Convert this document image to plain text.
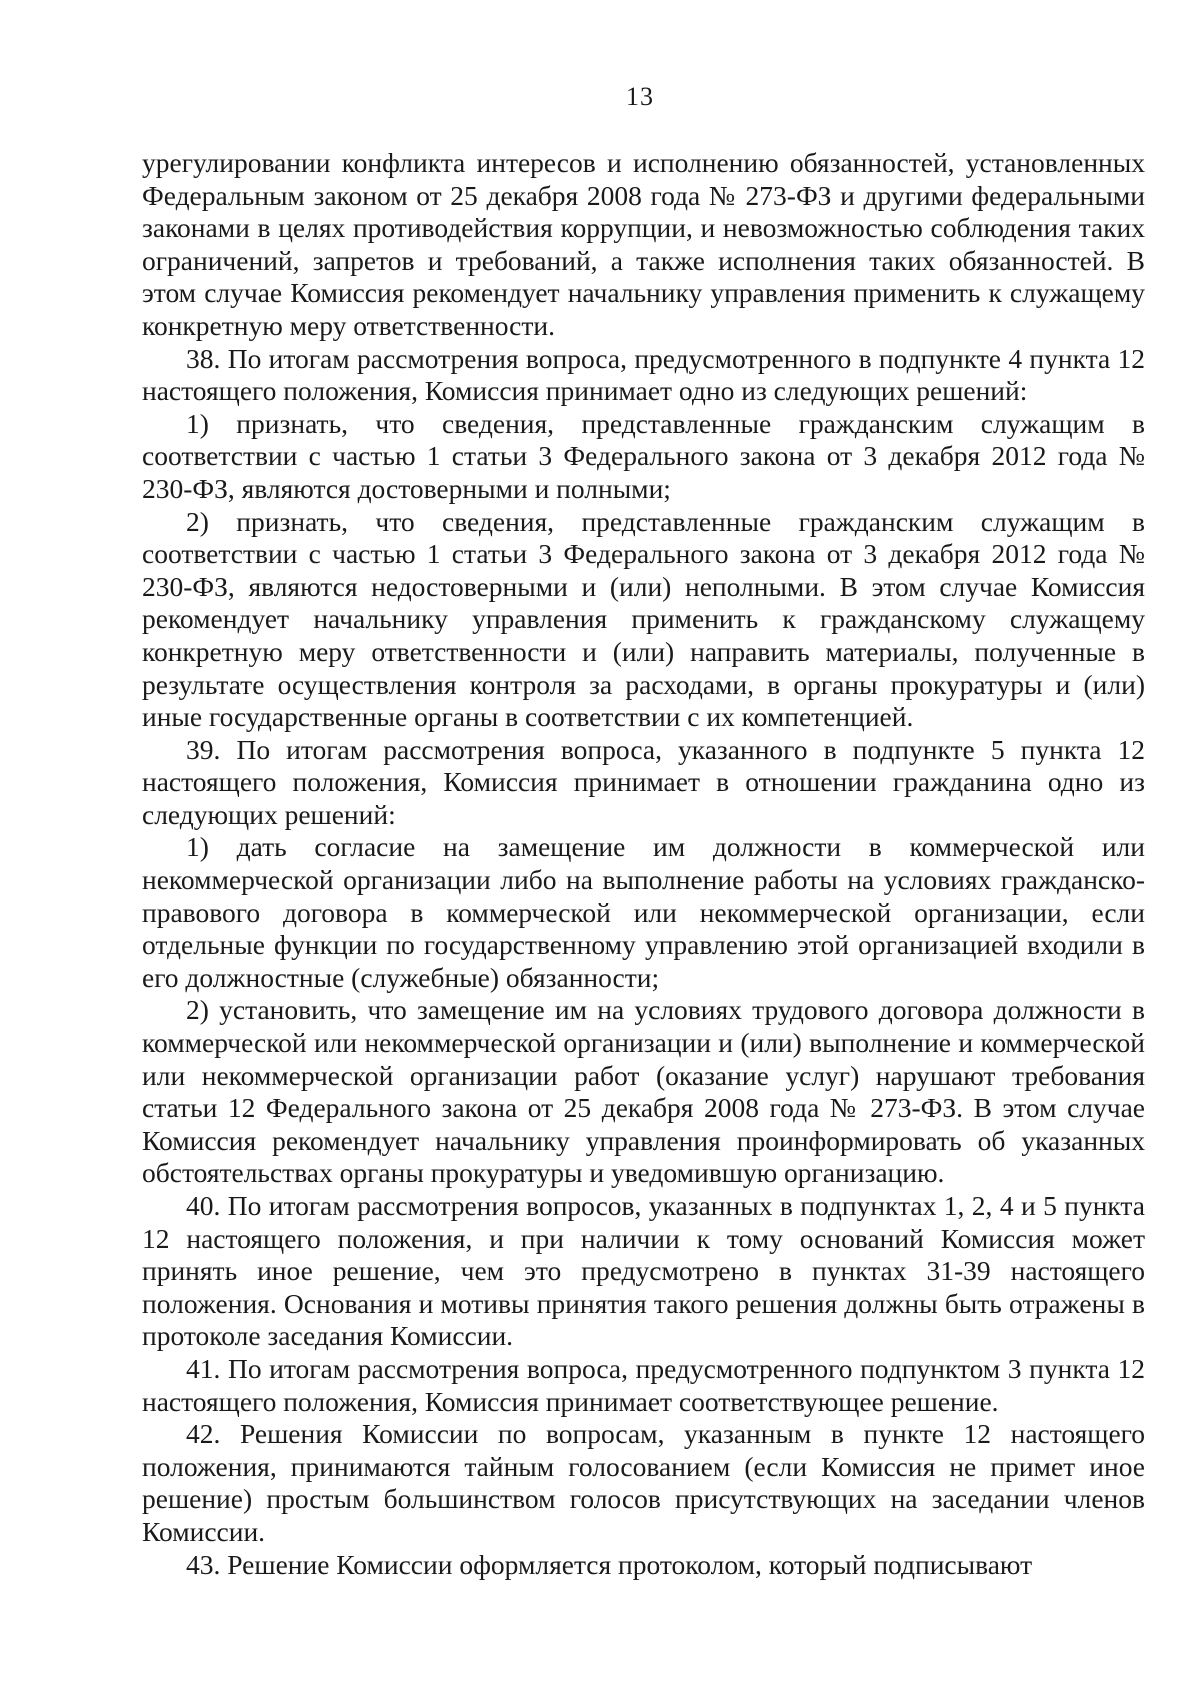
13

урегулировании конфликта интересов и исполнению обязанностей, установленных Федеральным законом от 25 декабря 2008 года № 273-ФЗ и другими федеральными законами в целях противодействия коррупции, и невозможностью соблюдения таких ограничений, запретов и требований, а также исполнения таких обязанностей. В этом случае Комиссия рекомендует начальнику управления применить к служащему конкретную меру ответственности.

38. По итогам рассмотрения вопроса, предусмотренного в подпункте 4 пункта 12 настоящего положения, Комиссия принимает одно из следующих решений:

1) признать, что сведения, представленные гражданским служащим в соответствии с частью 1 статьи 3 Федерального закона от 3 декабря 2012 года № 230-ФЗ, являются достоверными и полными;

2) признать, что сведения, представленные гражданским служащим в соответствии с частью 1 статьи 3 Федерального закона от 3 декабря 2012 года № 230-ФЗ, являются недостоверными и (или) неполными. В этом случае Комиссия рекомендует начальнику управления применить к гражданскому служащему конкретную меру ответственности и (или) направить материалы, полученные в результате осуществления контроля за расходами, в органы прокуратуры и (или) иные государственные органы в соответствии с их компетенцией.

39. По итогам рассмотрения вопроса, указанного в подпункте 5 пункта 12 настоящего положения, Комиссия принимает в отношении гражданина одно из следующих решений:

1) дать согласие на замещение им должности в коммерческой или некоммерческой организации либо на выполнение работы на условиях гражданско-правового договора в коммерческой или некоммерческой организации, если отдельные функции по государственному управлению этой организацией входили в его должностные (служебные) обязанности;

2) установить, что замещение им на условиях трудового договора должности в коммерческой или некоммерческой организации и (или) выполнение и коммерческой или некоммерческой организации работ (оказание услуг) нарушают требования статьи 12 Федерального закона от 25 декабря 2008 года № 273-ФЗ. В этом случае Комиссия рекомендует начальнику управления проинформировать об указанных обстоятельствах органы прокуратуры и уведомившую организацию.

40. По итогам рассмотрения вопросов, указанных в подпунктах 1, 2, 4 и 5 пункта 12 настоящего положения, и при наличии к тому оснований Комиссия может принять иное решение, чем это предусмотрено в пунктах 31-39 настоящего положения. Основания и мотивы принятия такого решения должны быть отражены в протоколе заседания Комиссии.

41. По итогам рассмотрения вопроса, предусмотренного подпунктом 3 пункта 12 настоящего положения, Комиссия принимает соответствующее решение.

42. Решения Комиссии по вопросам, указанным в пункте 12 настоящего положения, принимаются тайным голосованием (если Комиссия не примет иное решение) простым большинством голосов присутствующих на заседании членов Комиссии.

43. Решение Комиссии оформляется протоколом, который подписывают
